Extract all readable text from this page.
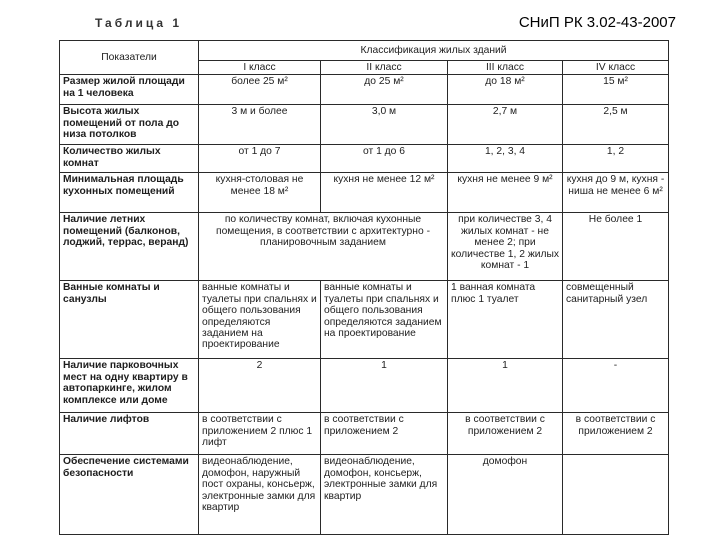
Таблица 1	СНиП РК 3.02-43-2007
Показатели	Классификация жилых зданий			
	I класс	II класс	III класс	IV класс
Размер жилой площади на 1 человека	более 25 м²	до 25 м²	до 18 м²	15 м²
Высота жилых помещений от пола до низа потолков	3 м и более	3,0 м	2,7 м	2,5 м
Количество жилых комнат	от 1 до 7	от 1 до 6	1, 2, 3, 4	1, 2
Минимальная площадь кухонных помещений	кухня-столовая не менее 18 м²	кухня не менее 12 м²	кухня не менее 9 м²	кухня до 9 м, кухня - ниша не менее 6 м²
Наличие летних помещений (балконов, лоджий, террас, веранд)	по количеству комнат, включая кухонные помещения, в соответствии с архитектурно - планировочным заданием		при количестве 3, 4 жилых комнат - не менее 2; при количестве 1, 2 жилых комнат - 1	Не более 1
Ванные комнаты и санузлы	ванные комнаты и туалеты при спальнях и общего пользования определяются заданием на проектирование	ванные комнаты и туалеты при спальнях и общего пользования определяются заданием на проектирование	1 ванная комната плюс 1 туалет	совмещенный санитарный узел
Наличие парковочных мест на одну квартиру в автопаркинге, жилом комплексе или доме	2	1	1	-
Наличие лифтов	в соответствии с приложением 2 плюс 1 лифт	в соответствии с приложением 2	в соответствии с приложением 2	в соответствии с приложением 2
Обеспечение системами безопасности	видеонаблюдение, домофон, наружный пост охраны, консьерж, электронные замки для квартир	видеонаблюдение, домофон, консьерж, электронные замки для квартир	домофон	
